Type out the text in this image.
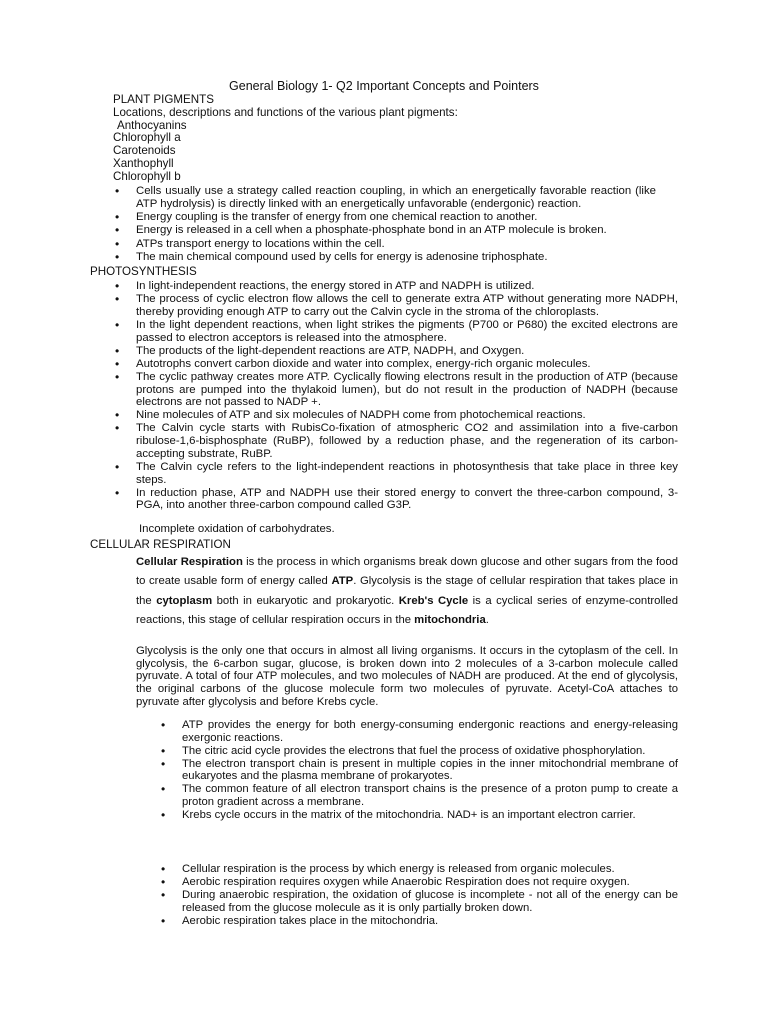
General Biology 1- Q2 Important Concepts and Pointers
PLANT PIGMENTS
Locations, descriptions and functions of the various plant pigments:
Anthocyanins
Chlorophyll a
Carotenoids
Xanthophyll
Chlorophyll b
• Cells usually use a strategy called reaction coupling, in which an energetically favorable reaction (like ATP hydrolysis) is directly linked with an energetically unfavorable (endergonic) reaction.
• Energy coupling is the transfer of energy from one chemical reaction to another.
• Energy is released in a cell when a phosphate-phosphate bond in an ATP molecule is broken.
• ATPs transport energy to locations within the cell.
• The main chemical compound used by cells for energy is adenosine triphosphate.
PHOTOSYNTHESIS
• In light-independent reactions, the energy stored in ATP and NADPH is utilized.
• The process of cyclic electron flow allows the cell to generate extra ATP without generating more NADPH, thereby providing enough ATP to carry out the Calvin cycle in the stroma of the chloroplasts.
• In the light dependent reactions, when light strikes the pigments (P700 or P680) the excited electrons are passed to electron acceptors is released into the atmosphere.
• The products of the light-dependent reactions are ATP, NADPH, and Oxygen.
• Autotrophs convert carbon dioxide and water into complex, energy-rich organic molecules.
• The cyclic pathway creates more ATP. Cyclically flowing electrons result in the production of ATP (because protons are pumped into the thylakoid lumen), but do not result in the production of NADPH (because electrons are not passed to NADP +.
• Nine molecules of ATP and six molecules of NADPH come from photochemical reactions.
• The Calvin cycle starts with RubisCo-fixation of atmospheric CO2 and assimilation into a five-carbon ribulose-1,6-bisphosphate (RuBP), followed by a reduction phase, and the regeneration of its carbon-accepting substrate, RuBP.
• The Calvin cycle refers to the light-independent reactions in photosynthesis that take place in three key steps.
• In reduction phase, ATP and NADPH use their stored energy to convert the three-carbon compound, 3-PGA, into another three-carbon compound called G3P.
Incomplete oxidation of carbohydrates.
CELLULAR RESPIRATION

Cellular Respiration is the process in which organisms break down glucose and other sugars from the food to create usable form of energy called ATP. Glycolysis is the stage of cellular respiration that takes place in the cytoplasm both in eukaryotic and prokaryotic. Kreb's Cycle is a cyclical series of enzyme-controlled reactions, this stage of cellular respiration occurs in the mitochondria.

Glycolysis is the only one that occurs in almost all living organisms. It occurs in the cytoplasm of the cell. In glycolysis, the 6-carbon sugar, glucose, is broken down into 2 molecules of a 3-carbon molecule called pyruvate. A total of four ATP molecules, and two molecules of NADH are produced. At the end of glycolysis, the original carbons of the glucose molecule form two molecules of pyruvate. Acetyl-CoA attaches to pyruvate after glycolysis and before Krebs cycle.

• ATP provides the energy for both energy-consuming endergonic reactions and energy-releasing exergonic reactions.
• The citric acid cycle provides the electrons that fuel the process of oxidative phosphorylation.
• The electron transport chain is present in multiple copies in the inner mitochondrial membrane of eukaryotes and the plasma membrane of prokaryotes.
• The common feature of all electron transport chains is the presence of a proton pump to create a proton gradient across a membrane.
• Krebs cycle occurs in the matrix of the mitochondria. NAD+ is an important electron carrier.
• Cellular respiration is the process by which energy is released from organic molecules.
• Aerobic respiration requires oxygen while Anaerobic Respiration does not require oxygen.
• During anaerobic respiration, the oxidation of glucose is incomplete - not all of the energy can be released from the glucose molecule as it is only partially broken down.
• Aerobic respiration takes place in the mitochondria.
